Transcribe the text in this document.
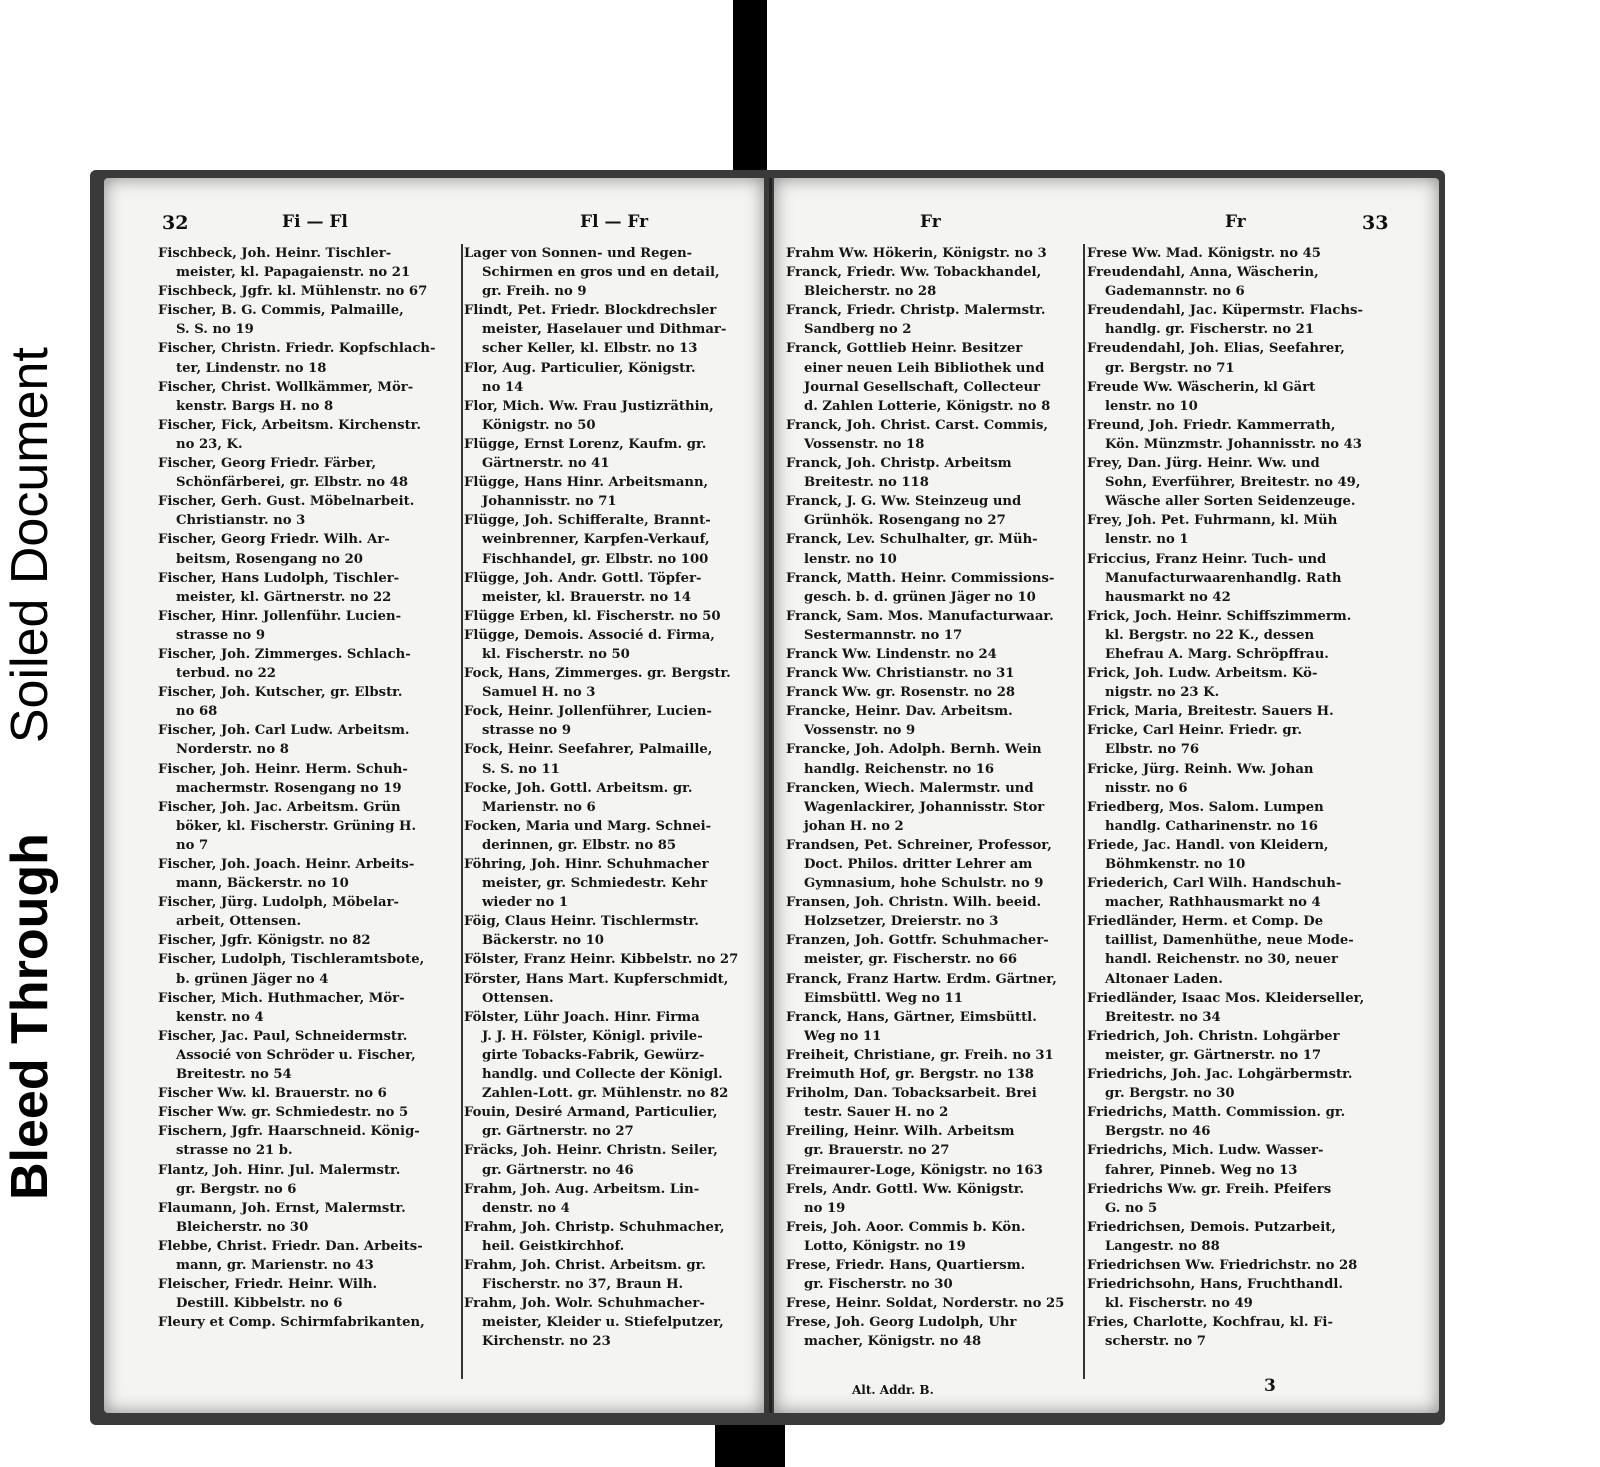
Bleed ThroughSoiled Document
32	Fi — Fl	Fl — Fr	Fr	Fr	33
Fischbeck, Joh. Heinr. Tischler-
meister, kl. Papagaienstr. no 21
Fischbeck, Jgfr. kl. Mühlenstr. no 67
Fischer, B. G. Commis, Palmaille,
S. S. no 19
Fischer, Christn. Friedr. Kopfschlach-
ter, Lindenstr. no 18
Fischer, Christ. Wollkämmer, Mör-
kenstr. Bargs H. no 8
Fischer, Fick, Arbeitsm. Kirchenstr.
no 23, K.
Fischer, Georg Friedr. Färber,
Schönfärberei, gr. Elbstr. no 48
Fischer, Gerh. Gust. Möbelnarbeit.
Christianstr. no 3
Fischer, Georg Friedr. Wilh. Ar-
beitsm, Rosengang no 20
Fischer, Hans Ludolph, Tischler-
meister, kl. Gärtnerstr. no 22
Fischer, Hinr. Jollenführ. Lucien-
strasse no 9
Fischer, Joh. Zimmerges. Schlach-
terbud. no 22
Fischer, Joh. Kutscher, gr. Elbstr.
no 68
Fischer, Joh. Carl Ludw. Arbeitsm.
Norderstr. no 8
Fischer, Joh. Heinr. Herm. Schuh-
machermstr. Rosengang no 19
Fischer, Joh. Jac. Arbeitsm. Grün
böker, kl. Fischerstr. Grüning H.
no 7
Fischer, Joh. Joach. Heinr. Arbeits-
mann, Bäckerstr. no 10
Fischer, Jürg. Ludolph, Möbelar-
arbeit, Ottensen.
Fischer, Jgfr. Königstr. no 82
Fischer, Ludolph, Tischleramtsbote,
b. grünen Jäger no 4
Fischer, Mich. Huthmacher, Mör-
kenstr. no 4
Fischer, Jac. Paul, Schneidermstr.
Associé von Schröder u. Fischer,
Breitestr. no 54
Fischer Ww. kl. Brauerstr. no 6
Fischer Ww. gr. Schmiedestr. no 5
Fischern, Jgfr. Haarschneid. König-
strasse no 21 b.
Flantz, Joh. Hinr. Jul. Malermstr.
gr. Bergstr. no 6
Flaumann, Joh. Ernst, Malermstr.
Bleicherstr. no 30
Flebbe, Christ. Friedr. Dan. Arbeits-
mann, gr. Marienstr. no 43
Fleischer, Friedr. Heinr. Wilh.
Destill. Kibbelstr. no 6
Fleury et Comp. Schirmfabrikanten,
Lager von Sonnen- und Regen-
Schirmen en gros und en detail,
gr. Freih. no 9
Flindt, Pet. Friedr. Blockdrechsler
meister, Haselauer und Dithmar-
scher Keller, kl. Elbstr. no 13
Flor, Aug. Particulier, Königstr.
no 14
Flor, Mich. Ww. Frau Justizräthin,
Königstr. no 50
Flügge, Ernst Lorenz, Kaufm. gr.
Gärtnerstr. no 41
Flügge, Hans Hinr. Arbeitsmann,
Johannisstr. no 71
Flügge, Joh. Schifferalte, Brannt-
weinbrenner, Karpfen-Verkauf,
Fischhandel, gr. Elbstr. no 100
Flügge, Joh. Andr. Gottl. Töpfer-
meister, kl. Brauerstr. no 14
Flügge Erben, kl. Fischerstr. no 50
Flügge, Demois. Associé d. Firma,
kl. Fischerstr. no 50
Fock, Hans, Zimmerges. gr. Bergstr.
Samuel H. no 3
Fock, Heinr. Jollenführer, Lucien-
strasse no 9
Fock, Heinr. Seefahrer, Palmaille,
S. S. no 11
Focke, Joh. Gottl. Arbeitsm. gr.
Marienstr. no 6
Focken, Maria und Marg. Schnei-
derinnen, gr. Elbstr. no 85
Föhring, Joh. Hinr. Schuhmacher
meister, gr. Schmiedestr. Kehr
wieder no 1
Föig, Claus Heinr. Tischlermstr.
Bäckerstr. no 10
Fölster, Franz Heinr. Kibbelstr. no 27
Förster, Hans Mart. Kupferschmidt,
Ottensen.
Fölster, Lühr Joach. Hinr. Firma
J. J. H. Fölster, Königl. privile-
girte Tobacks-Fabrik, Gewürz-
handlg. und Collecte der Königl.
Zahlen-Lott. gr. Mühlenstr. no 82
Fouin, Desiré Armand, Particulier,
gr. Gärtnerstr. no 27
Fräcks, Joh. Heinr. Christn. Seiler,
gr. Gärtnerstr. no 46
Frahm, Joh. Aug. Arbeitsm. Lin-
denstr. no 4
Frahm, Joh. Christp. Schuhmacher,
heil. Geistkirchhof.
Frahm, Joh. Christ. Arbeitsm. gr.
Fischerstr. no 37, Braun H.
Frahm, Joh. Wolr. Schuhmacher-
meister, Kleider u. Stiefelputzer,
Kirchenstr. no 23
Frahm Ww. Hökerin, Königstr. no 3
Franck, Friedr. Ww. Tobackhandel,
Bleicherstr. no 28
Franck, Friedr. Christp. Malermstr.
Sandberg no 2
Franck, Gottlieb Heinr. Besitzer
einer neuen Leih Bibliothek und
Journal Gesellschaft, Collecteur
d. Zahlen Lotterie, Königstr. no 8
Franck, Joh. Christ. Carst. Commis,
Vossenstr. no 18
Franck, Joh. Christp. Arbeitsm
Breitestr. no 118
Franck, J. G. Ww. Steinzeug und
Grünhök. Rosengang no 27
Franck, Lev. Schulhalter, gr. Müh-
lenstr. no 10
Franck, Matth. Heinr. Commissions-
gesch. b. d. grünen Jäger no 10
Franck, Sam. Mos. Manufacturwaar.
Sestermannstr. no 17
Franck Ww. Lindenstr. no 24
Franck Ww. Christianstr. no 31
Franck Ww. gr. Rosenstr. no 28
Francke, Heinr. Dav. Arbeitsm.
Vossenstr. no 9
Francke, Joh. Adolph. Bernh. Wein
handlg. Reichenstr. no 16
Francken, Wiech. Malermstr. und
Wagenlackirer, Johannisstr. Stor
johan H. no 2
Frandsen, Pet. Schreiner, Professor,
Doct. Philos. dritter Lehrer am
Gymnasium, hohe Schulstr. no 9
Fransen, Joh. Christn. Wilh. beeid.
Holzsetzer, Dreierstr. no 3
Franzen, Joh. Gottfr. Schuhmacher-
meister, gr. Fischerstr. no 66
Franck, Franz Hartw. Erdm. Gärtner,
Eimsbüttl. Weg no 11
Franck, Hans, Gärtner, Eimsbüttl.
Weg no 11
Freiheit, Christiane, gr. Freih. no 31
Freimuth Hof, gr. Bergstr. no 138
Friholm, Dan. Tobacksarbeit. Brei
testr. Sauer H. no 2
Freiling, Heinr. Wilh. Arbeitsm
gr. Brauerstr. no 27
Freimaurer-Loge, Königstr. no 163
Frels, Andr. Gottl. Ww. Königstr.
no 19
Freis, Joh. Aoor. Commis b. Kön.
Lotto, Königstr. no 19
Frese, Friedr. Hans, Quartiersm.
gr. Fischerstr. no 30
Frese, Heinr. Soldat, Norderstr. no 25
Frese, Joh. Georg Ludolph, Uhr
macher, Königstr. no 48
Frese Ww. Mad. Königstr. no 45
Freudendahl, Anna, Wäscherin,
Gademannstr. no 6
Freudendahl, Jac. Küpermstr. Flachs-
handlg. gr. Fischerstr. no 21
Freudendahl, Joh. Elias, Seefahrer,
gr. Bergstr. no 71
Freude Ww. Wäscherin, kl Gärt
lenstr. no 10
Freund, Joh. Friedr. Kammerrath,
Kön. Münzmstr. Johannisstr. no 43
Frey, Dan. Jürg. Heinr. Ww. und
Sohn, Everführer, Breitestr. no 49,
Wäsche aller Sorten Seidenzeuge.
Frey, Joh. Pet. Fuhrmann, kl. Müh
lenstr. no 1
Friccius, Franz Heinr. Tuch- und
Manufacturwaarenhandlg. Rath
hausmarkt no 42
Frick, Joch. Heinr. Schiffszimmerm.
kl. Bergstr. no 22 K., dessen
Ehefrau A. Marg. Schröpffrau.
Frick, Joh. Ludw. Arbeitsm. Kö-
nigstr. no 23 K.
Frick, Maria, Breitestr. Sauers H.
Fricke, Carl Heinr. Friedr. gr.
Elbstr. no 76
Fricke, Jürg. Reinh. Ww. Johan
nisstr. no 6
Friedberg, Mos. Salom. Lumpen
handlg. Catharinenstr. no 16
Friede, Jac. Handl. von Kleidern,
Böhmkenstr. no 10
Friederich, Carl Wilh. Handschuh-
macher, Rathhausmarkt no 4
Friedländer, Herm. et Comp. De
taillist, Damenhüthe, neue Mode-
handl. Reichenstr. no 30, neuer
Altonaer Laden.
Friedländer, Isaac Mos. Kleiderseller,
Breitestr. no 34
Friedrich, Joh. Christn. Lohgärber
meister, gr. Gärtnerstr. no 17
Friedrichs, Joh. Jac. Lohgärbermstr.
gr. Bergstr. no 30
Friedrichs, Matth. Commission. gr.
Bergstr. no 46
Friedrichs, Mich. Ludw. Wasser-
fahrer, Pinneb. Weg no 13
Friedrichs Ww. gr. Freih. Pfeifers
G. no 5
Friedrichsen, Demois. Putzarbeit,
Langestr. no 88
Friedrichsen Ww. Friedrichstr. no 28
Friedrichsohn, Hans, Fruchthandl.
kl. Fischerstr. no 49
Fries, Charlotte, Kochfrau, kl. Fi-
scherstr. no 7
Alt. Addr. B.	3
